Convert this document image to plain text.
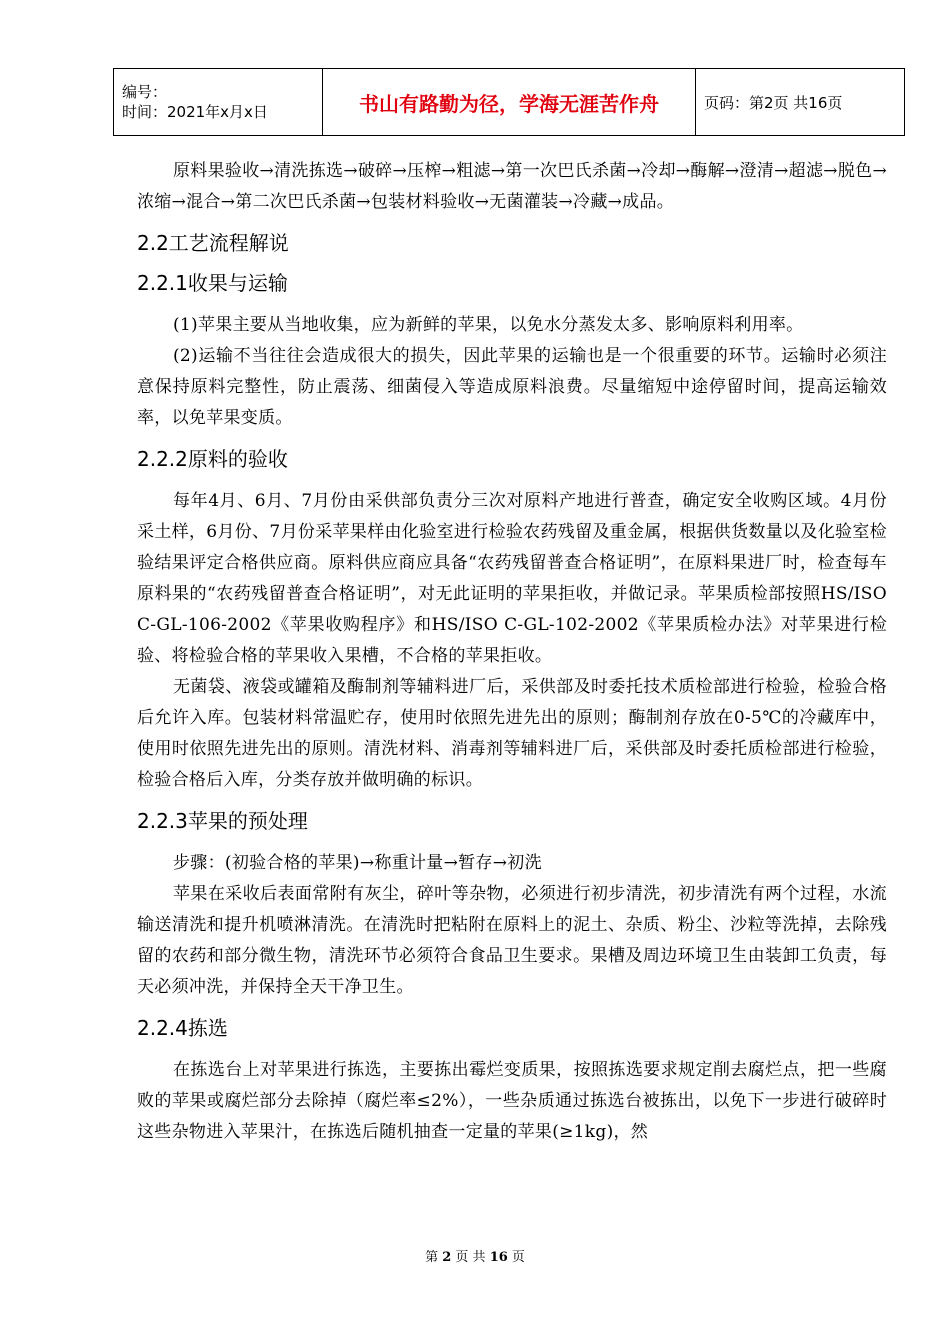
编号：
时间：2021年x月x日	书山有路勤为径，学海无涯苦作舟	页码：第2页 共16页

原料果验收→清洗拣选→破碎→压榨→粗滤→第一次巴氏杀菌→冷却→酶解→澄清→超滤→脱色→浓缩→混合→第二次巴氏杀菌→包装材料验收→无菌灌装→冷藏→成品。

2.2工艺流程解说
2.2.1收果与运输

(1)苹果主要从当地收集，应为新鲜的苹果，以免水分蒸发太多、影响原料利用率。

(2)运输不当往往会造成很大的损失，因此苹果的运输也是一个很重要的环节。运输时必须注意保持原料完整性，防止震荡、细菌侵入等造成原料浪费。尽量缩短中途停留时间，提高运输效率，以免苹果变质。

2.2.2原料的验收

每年4月、6月、7月份由采供部负责分三次对原料产地进行普查，确定安全收购区域。4月份采土样，6月份、7月份采苹果样由化验室进行检验农药残留及重金属，根据供货数量以及化验室检验结果评定合格供应商。原料供应商应具备“农药残留普查合格证明”，在原料果进厂时，检查每车原料果的“农药残留普查合格证明”，对无此证明的苹果拒收，并做记录。苹果质检部按照HS/ISO C-GL-106-2002《苹果收购程序》和HS/ISO C-GL-102-2002《苹果质检办法》对苹果进行检验、将检验合格的苹果收入果槽，不合格的苹果拒收。

无菌袋、液袋或罐箱及酶制剂等辅料进厂后，采供部及时委托技术质检部进行检验，检验合格后允许入库。包装材料常温贮存，使用时依照先进先出的原则；酶制剂存放在0-5℃的冷藏库中，使用时依照先进先出的原则。清洗材料、消毒剂等辅料进厂后，采供部及时委托质检部进行检验，检验合格后入库，分类存放并做明确的标识。

2.2.3苹果的预处理

步骤：(初验合格的苹果)→称重计量→暂存→初洗

苹果在采收后表面常附有灰尘，碎叶等杂物，必须进行初步清洗，初步清洗有两个过程，水流输送清洗和提升机喷淋清洗。在清洗时把粘附在原料上的泥土、杂质、粉尘、沙粒等洗掉，去除残留的农药和部分微生物，清洗环节必须符合食品卫生要求。果槽及周边环境卫生由装卸工负责，每天必须冲洗，并保持全天干净卫生。

2.2.4拣选

在拣选台上对苹果进行拣选，主要拣出霉烂变质果，按照拣选要求规定削去腐烂点，把一些腐败的苹果或腐烂部分去除掉（腐烂率≤2%），一些杂质通过拣选台被拣出，以免下一步进行破碎时这些杂物进入苹果汁，在拣选后随机抽查一定量的苹果(≥1kg)，然

第 2 页 共 16 页
